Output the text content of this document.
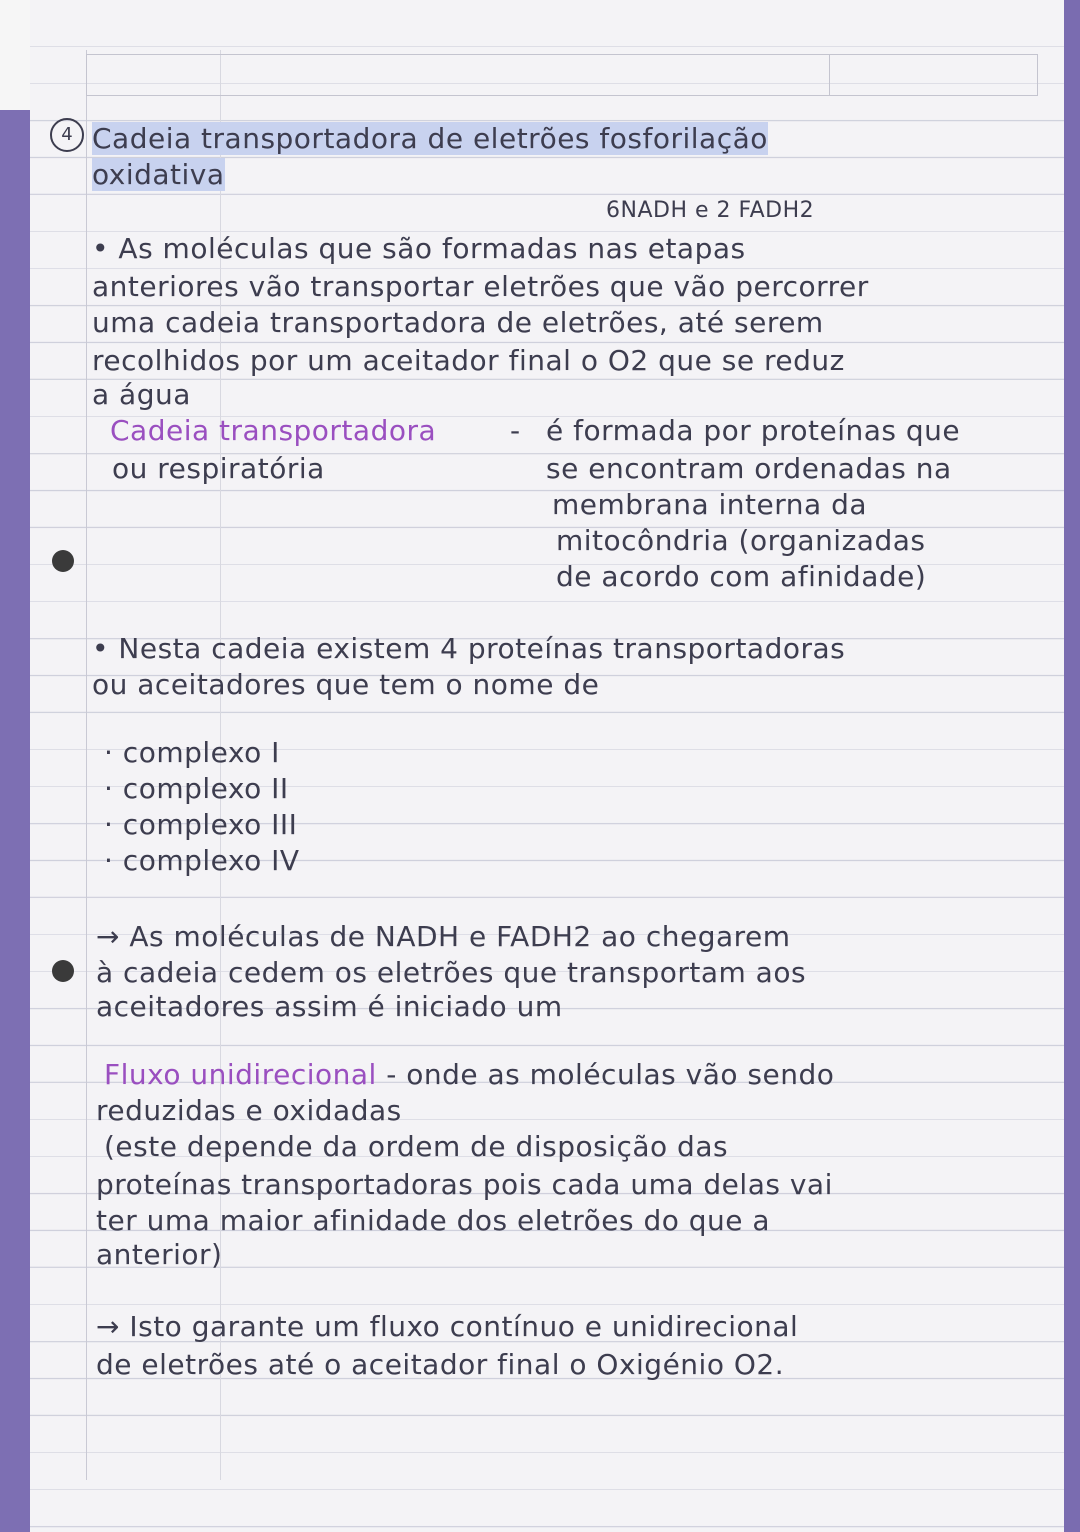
4 Cadeia transportadora de eletrões fosforilação
oxidativa
6NADH e 2 FADH2
• As moléculas que são formadas nas etapas
anteriores vão transportar eletrões que vão percorrer
uma cadeia transportadora de eletrões, até serem
recolhidos por um aceitador final o O2 que se reduz
a água
Cadeia transportadora
ou respiratória
- é formada por proteínas que
se encontram ordenadas na
membrana interna da
mitocôndria (organizadas
de acordo com afinidade)
• Nesta cadeia existem 4 proteínas transportadoras
ou aceitadores que tem o nome de
· complexo I
· complexo II
· complexo III
· complexo IV
→ As moléculas de NADH e FADH2 ao chegarem
à cadeia cedem os eletrões que transportam aos
aceitadores assim é iniciado um
Fluxo unidirecional - onde as moléculas vão sendo
reduzidas e oxidadas
(este depende da ordem de disposição das
proteínas transportadoras pois cada uma delas vai
ter uma maior afinidade dos eletrões do que a
anterior)
→ Isto garante um fluxo contínuo e unidirecional
de eletrões até o aceitador final o Oxigénio O2.
